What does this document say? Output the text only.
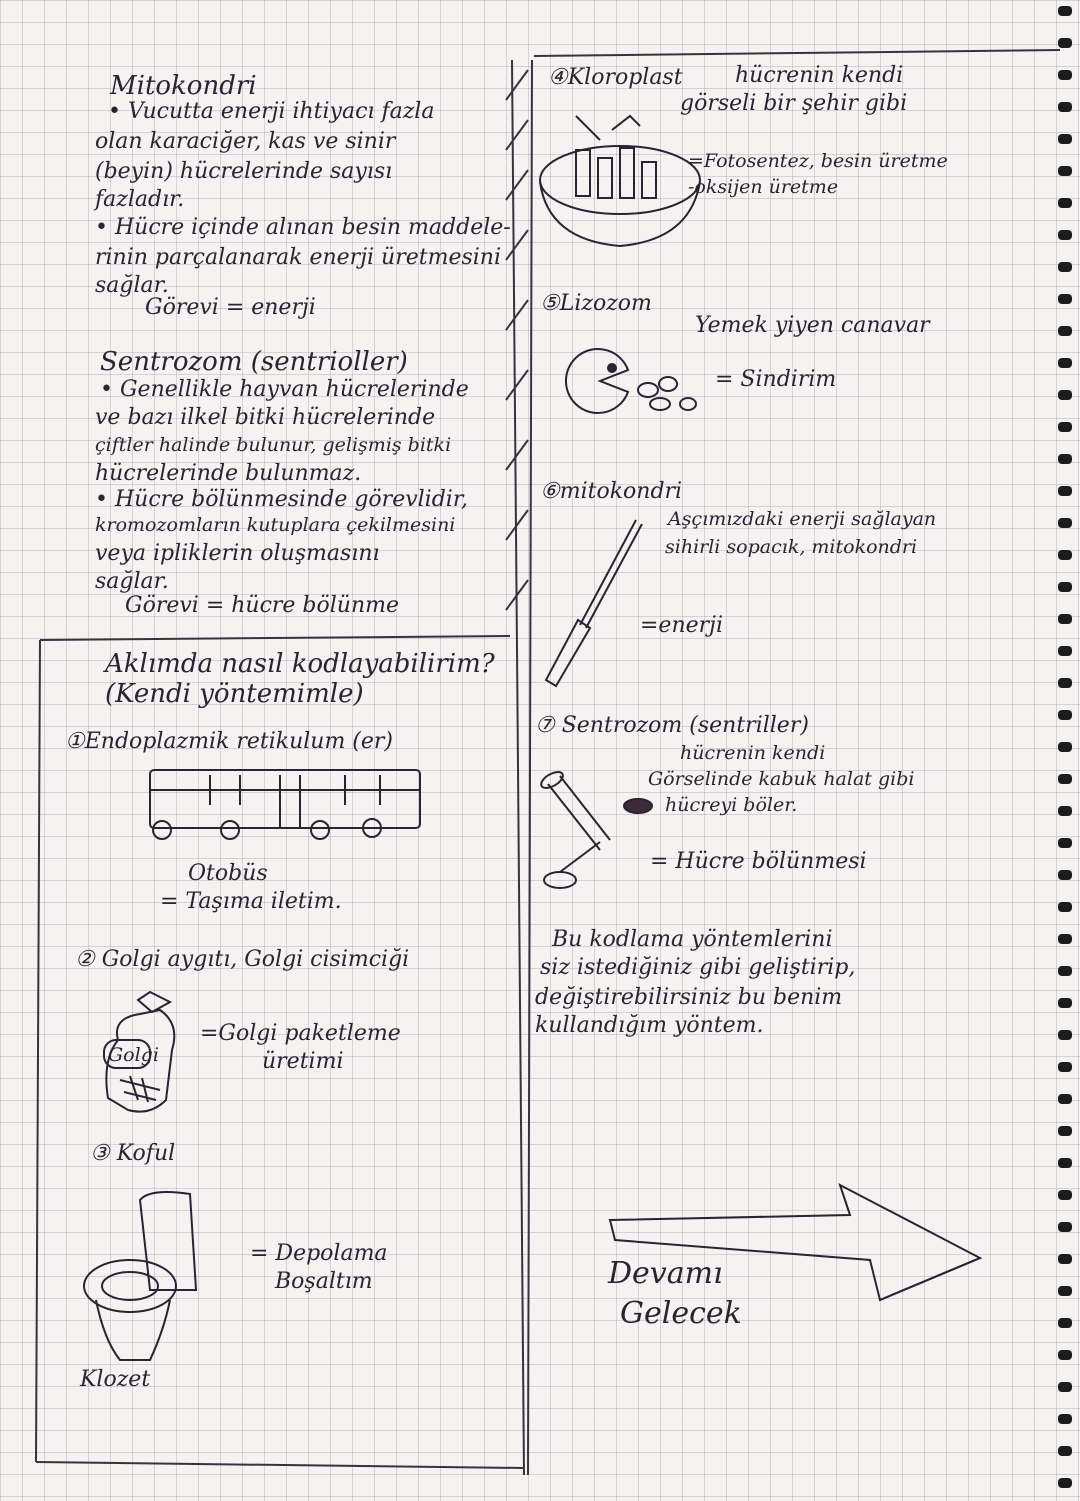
Mitokondri
• Vucutta enerji ihtiyacı fazla
olan karaciğer, kas ve sinir
(beyin) hücrelerinde sayısı
fazladır.
• Hücre içinde alınan besin maddele-
rinin parçalanarak enerji üretmesini
sağlar.
Görevi = enerji
Sentrozom (sentrioller)
• Genellikle hayvan hücrelerinde
ve bazı ilkel bitki hücrelerinde
çiftler halinde bulunur, gelişmiş bitki
hücrelerinde bulunmaz.
• Hücre bölünmesinde görevlidir,
kromozomların kutuplara çekilmesini
veya ipliklerin oluşmasını
sağlar.
Görevi = hücre bölünme
Aklımda nasıl kodlayabilirim?
(Kendi yöntemimle)
①Endoplazmik retikulum (er)
Otobüs
= Taşıma iletim.
② Golgi aygıtı, Golgi cisimciği
Golgi
=Golgi paketleme
üretimi
③ Koful
= Depolama
Boşaltım
Klozet
④Kloroplast hücrenin kendi
görseli bir şehir gibi
=Fotosentez, besin üretme
-oksijen üretme
⑤Lizozom
Yemek yiyen canavar
= Sindirim
⑥mitokondri
Aşçımızdaki enerji sağlayan
sihirli sopacık, mitokondri
=enerji
⑦ Sentrozom (sentriller)
hücrenin kendi
Görselinde kabuk halat gibi
hücreyi böler.
= Hücre bölünmesi
Bu kodlama yöntemlerini
siz istediğiniz gibi geliştirip,
değiştirebilirsiniz bu benim
kullandığım yöntem.
Devamı
Gelecek
